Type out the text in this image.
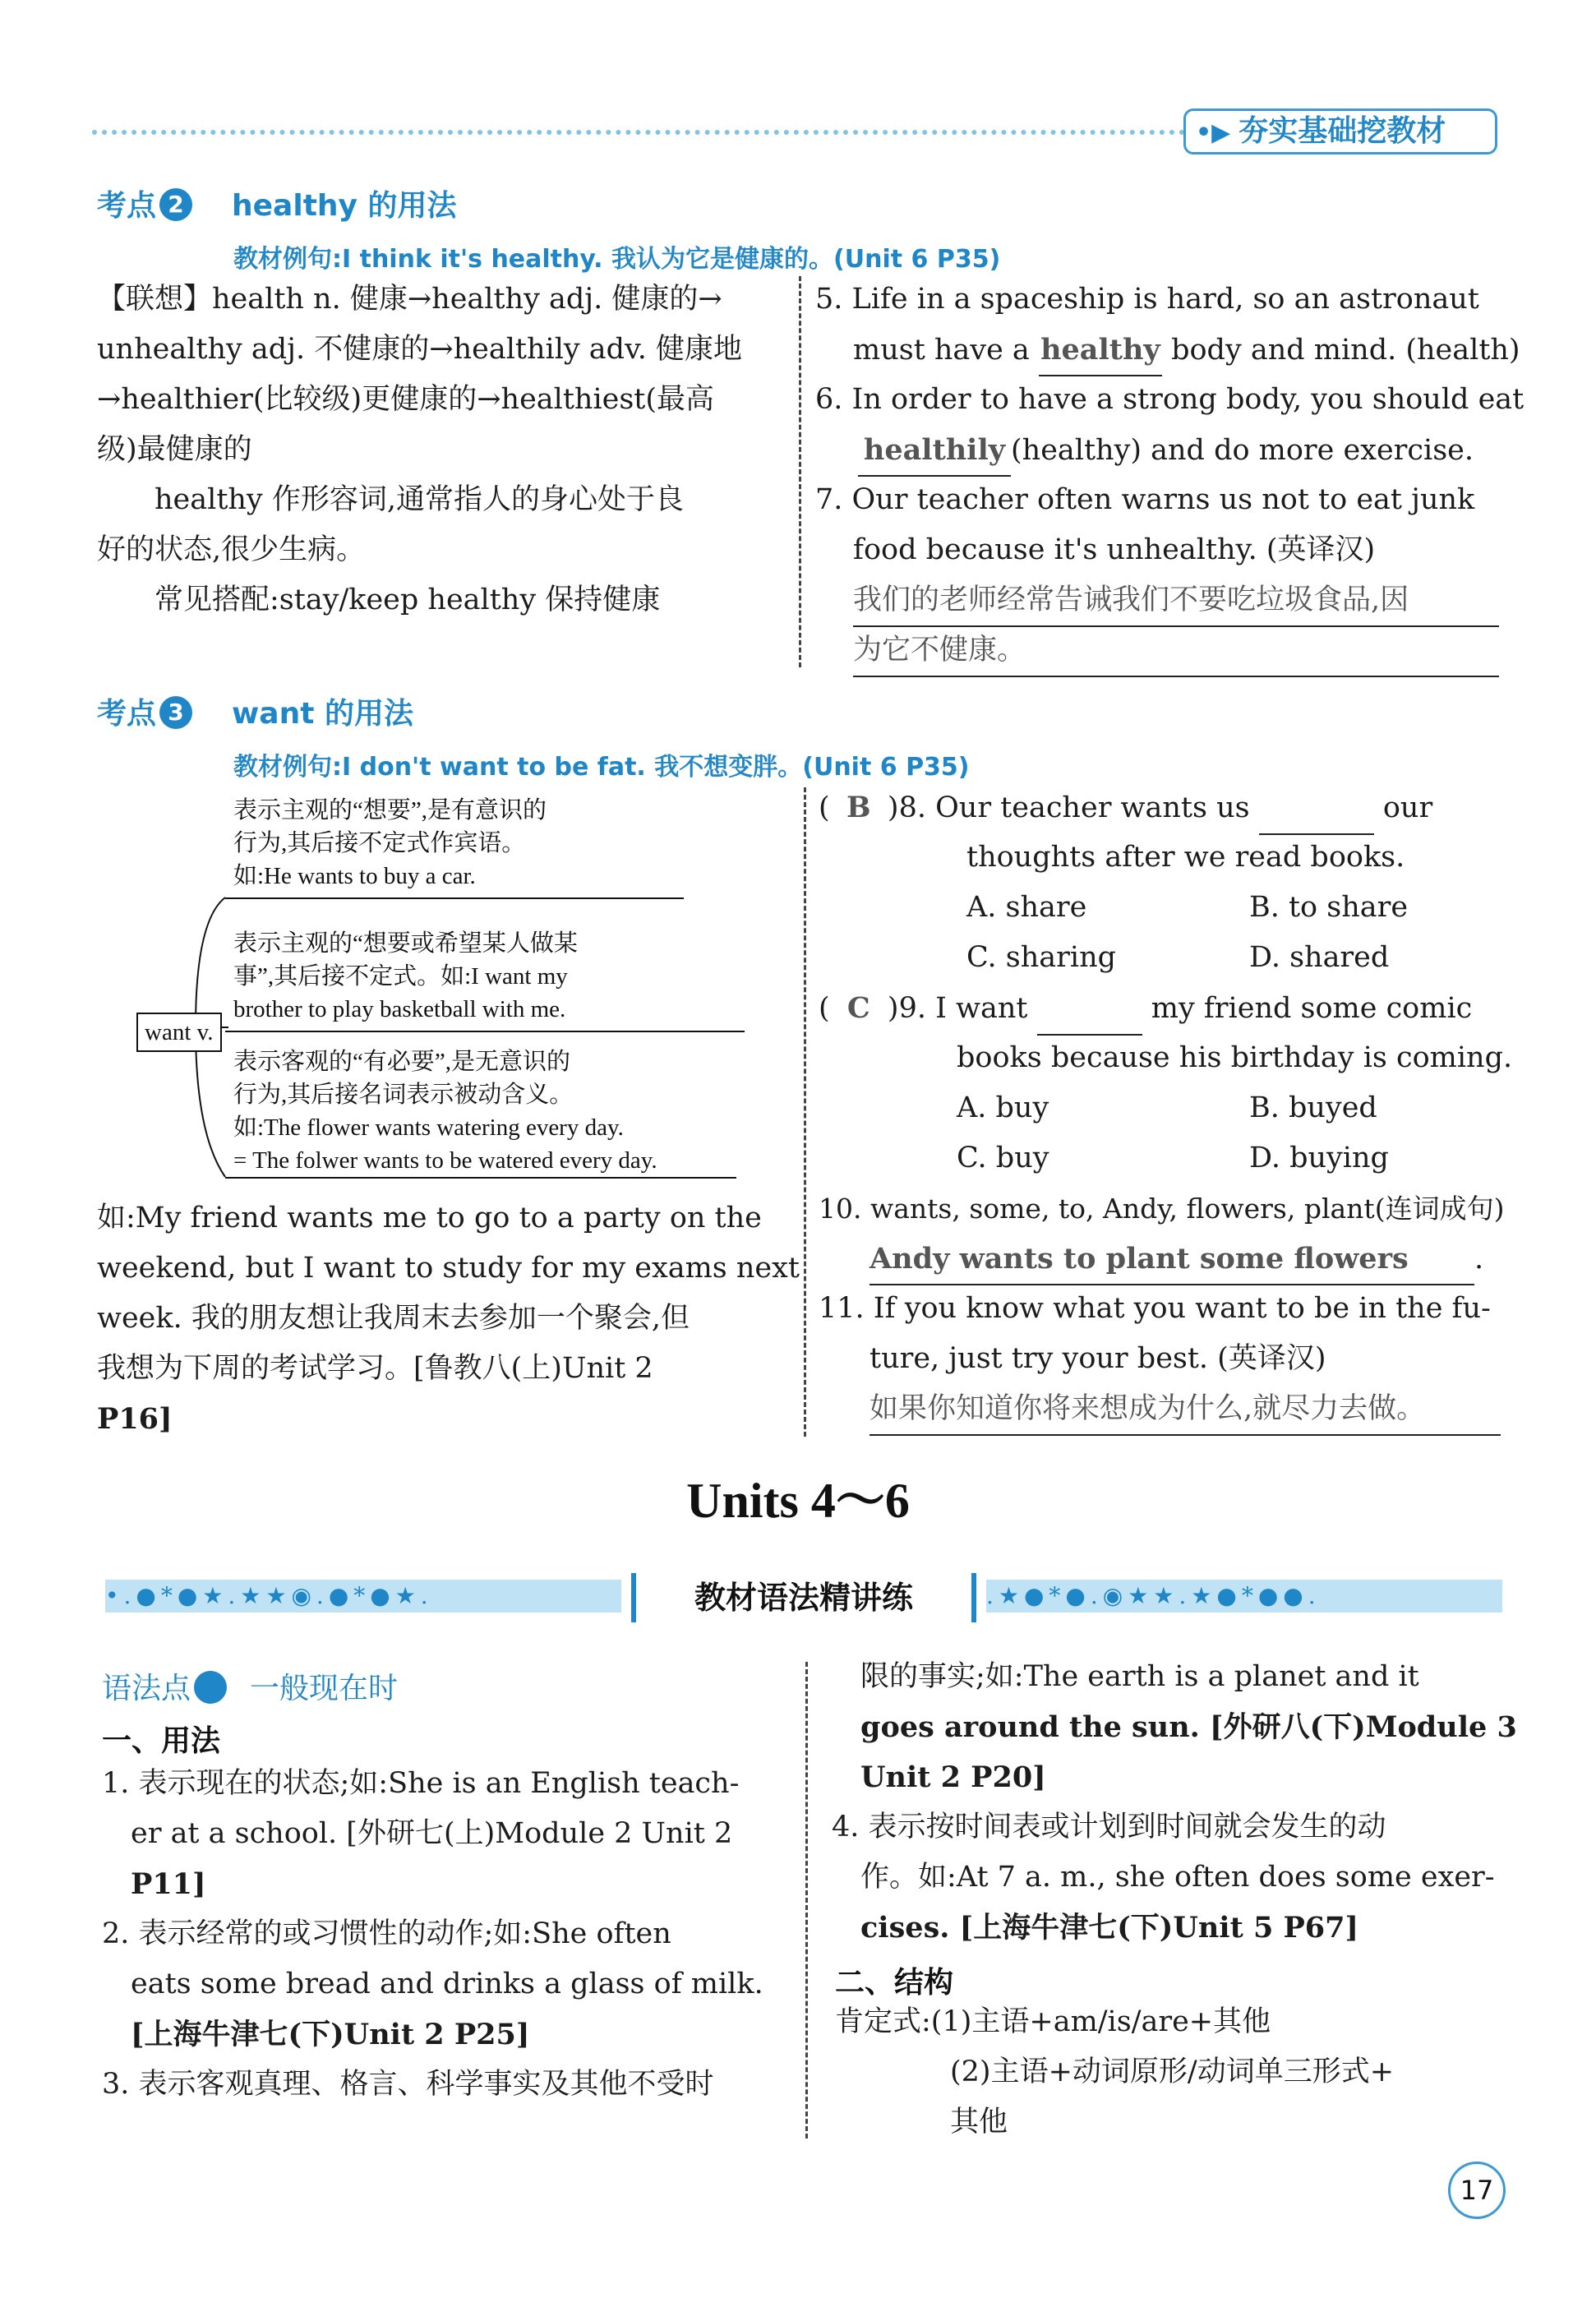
•▶ 夯实基础挖教材
考点 2 healthy 的用法
教材例句:I think it's healthy. 我认为它是健康的。(Unit 6 P35)
【联想】health n. 健康→healthy adj. 健康的→
unhealthy adj. 不健康的→healthily adv. 健康地
→healthier(比较级)更健康的→healthiest(最高
级)最健康的
　　healthy 作形容词,通常指人的身心处于良
好的状态,很少生病。
　　常见搭配:stay/keep healthy 保持健康
5. Life in a spaceship is hard, so an astronaut
must have a healthy body and mind. (health)
6. In order to have a strong body, you should eat
healthily (healthy) and do more exercise.
7. Our teacher often warns us not to eat junk
food because it's unhealthy. (英译汉)
我们的老师经常告诫我们不要吃垃圾食品,因
为它不健康。
考点 3 want 的用法
教材例句:I don't want to be fat. 我不想变胖。(Unit 6 P35)
表示主观的“想要”,是有意识的
行为,其后接不定式作宾语。
如:He wants to buy a car.
表示主观的“想要或希望某人做某
事”,其后接不定式。如:I want my
brother to play basketball with me.
表示客观的“有必要”,是无意识的
行为,其后接名词表示被动含义。
如:The flower wants watering every day.
= The folwer wants to be watered every day.
want v.
如:My friend wants me to go to a party on the
weekend, but I want to study for my exams next
week. 我的朋友想让我周末去参加一个聚会,但
我想为下周的考试学习。[鲁教八(上)Unit 2
P16]
( B )8. Our teacher wants us	our
thoughts after we read books.
A. share	B. to share
C. sharing	D. shared
( C )9. I want	my friend some comic
books because his birthday is coming.
A. buy	B. buyed
C. buy	D. buying
10. wants, some, to, Andy, flowers, plant(连词成句)
Andy wants to plant some flowers .
11. If you know what you want to be in the fu-
ture, just try your best. (英译汉)
如果你知道你将来想成为什么,就尽力去做。
Units 4～6
•.●*●★.★★◉.●*●★.	教材语法精讲练	.★●*●.◉★★.★●*●●.
语法点 一般现在时
一、用法
1. 表示现在的状态;如:She is an English teach-
　er at a school. [外研七(上)Module 2 Unit 2
　P11]
2. 表示经常的或习惯性的动作;如:She often
　eats some bread and drinks a glass of milk.
　[上海牛津七(下)Unit 2 P25]
3. 表示客观真理、格言、科学事实及其他不受时
　限的事实;如:The earth is a planet and it
　goes around the sun. [外研八(下)Module 3
　Unit 2 P20]
4. 表示按时间表或计划到时间就会发生的动
　作。如:At 7 a. m., she often does some exer-
　cises. [上海牛津七(下)Unit 5 P67]
二、结构
肯定式:(1)主语+am/is/are+其他
　　　　(2)主语+动词原形/动词单三形式+
　　　　其他
17
